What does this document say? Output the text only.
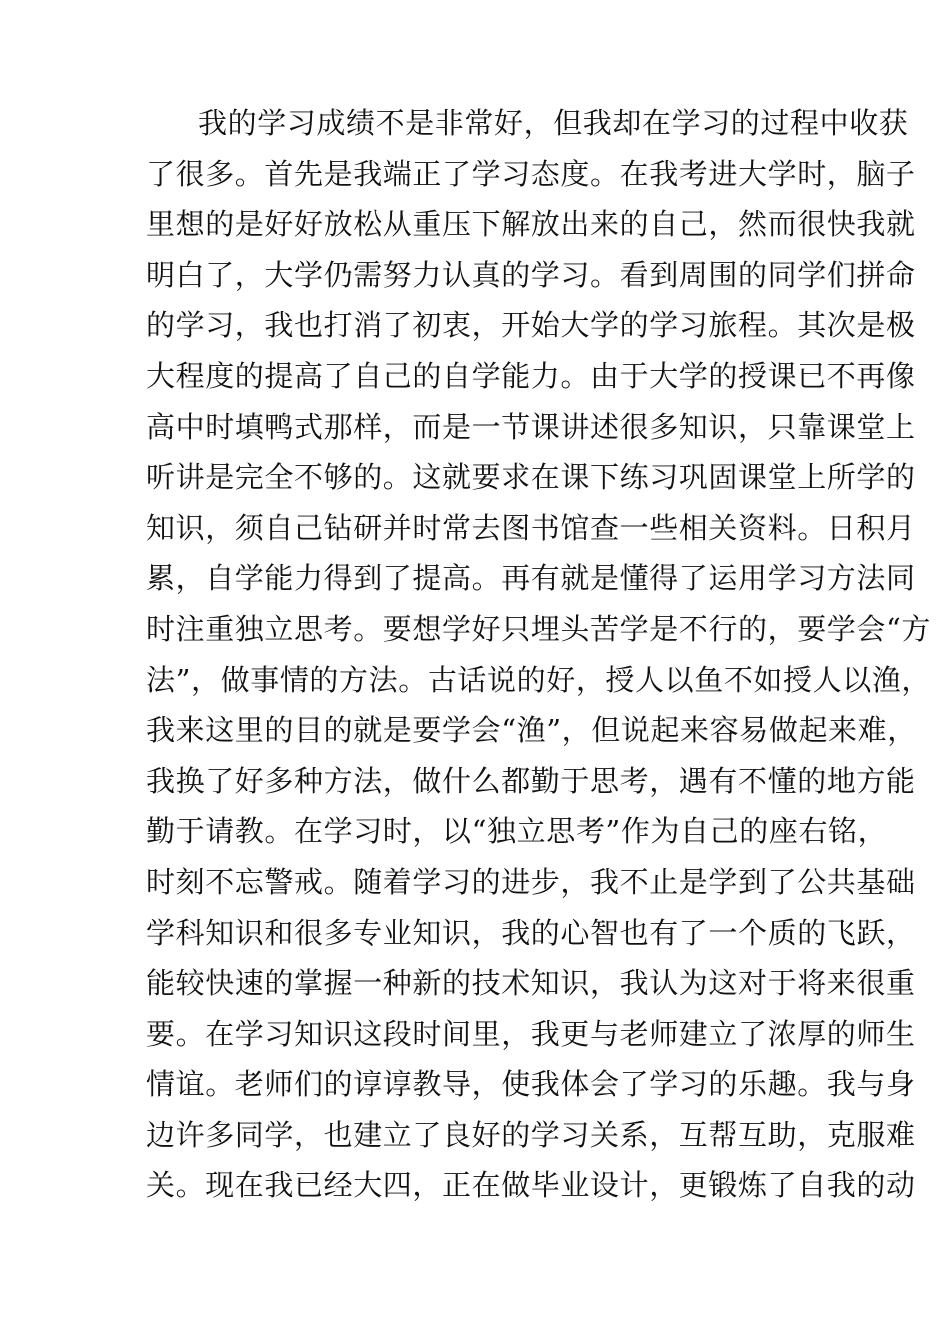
我的学习成绩不是非常好，但我却在学习的过程中收获
了很多。首先是我端正了学习态度。在我考进大学时，脑子
里想的是好好放松从重压下解放出来的自己，然而很快我就
明白了，大学仍需努力认真的学习。看到周围的同学们拼命
的学习，我也打消了初衷，开始大学的学习旅程。其次是极
大程度的提高了自己的自学能力。由于大学的授课已不再像
高中时填鸭式那样，而是一节课讲述很多知识，只靠课堂上
听讲是完全不够的。这就要求在课下练习巩固课堂上所学的
知识，须自己钻研并时常去图书馆查一些相关资料。日积月
累，自学能力得到了提高。再有就是懂得了运用学习方法同
时注重独立思考。要想学好只埋头苦学是不行的，要学会“方
法”，做事情的方法。古话说的好，授人以鱼不如授人以渔，
我来这里的目的就是要学会“渔”，但说起来容易做起来难，
我换了好多种方法，做什么都勤于思考，遇有不懂的地方能
勤于请教。在学习时，以“独立思考”作为自己的座右铭，
时刻不忘警戒。随着学习的进步，我不止是学到了公共基础
学科知识和很多专业知识，我的心智也有了一个质的飞跃，
能较快速的掌握一种新的技术知识，我认为这对于将来很重
要。在学习知识这段时间里，我更与老师建立了浓厚的师生
情谊。老师们的谆谆教导，使我体会了学习的乐趣。我与身
边许多同学，也建立了良好的学习关系，互帮互助，克服难
关。现在我已经大四，正在做毕业设计，更锻炼了自我的动
